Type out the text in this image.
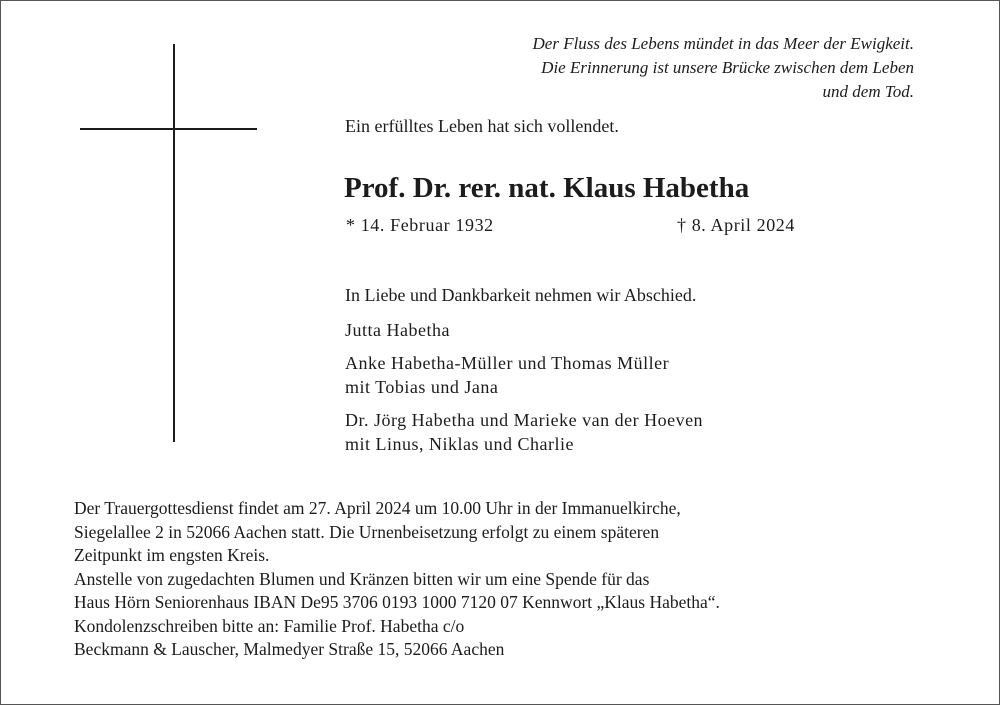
Der Fluss des Lebens mündet in das Meer der Ewigkeit.
Die Erinnerung ist unsere Brücke zwischen dem Leben
und dem Tod.
Ein erfülltes Leben hat sich vollendet.
Prof. Dr. rer. nat. Klaus Habetha
* 14. Februar 1932	† 8. April 2024
In Liebe und Dankbarkeit nehmen wir Abschied.
Jutta Habetha
Anke Habetha-Müller und Thomas Müller
mit Tobias und Jana
Dr. Jörg Habetha und Marieke van der Hoeven
mit Linus, Niklas und Charlie
Der Trauergottesdienst findet am 27. April 2024 um 10.00 Uhr in der Immanuelkirche,
Siegelallee 2 in 52066 Aachen statt. Die Urnenbeisetzung erfolgt zu einem späteren
Zeitpunkt im engsten Kreis.
Anstelle von zugedachten Blumen und Kränzen bitten wir um eine Spende für das
Haus Hörn Seniorenhaus IBAN De95 3706 0193 1000 7120 07 Kennwort „Klaus Habetha“.
Kondolenzschreiben bitte an: Familie Prof. Habetha c/o
Beckmann & Lauscher, Malmedyer Straße 15, 52066 Aachen
